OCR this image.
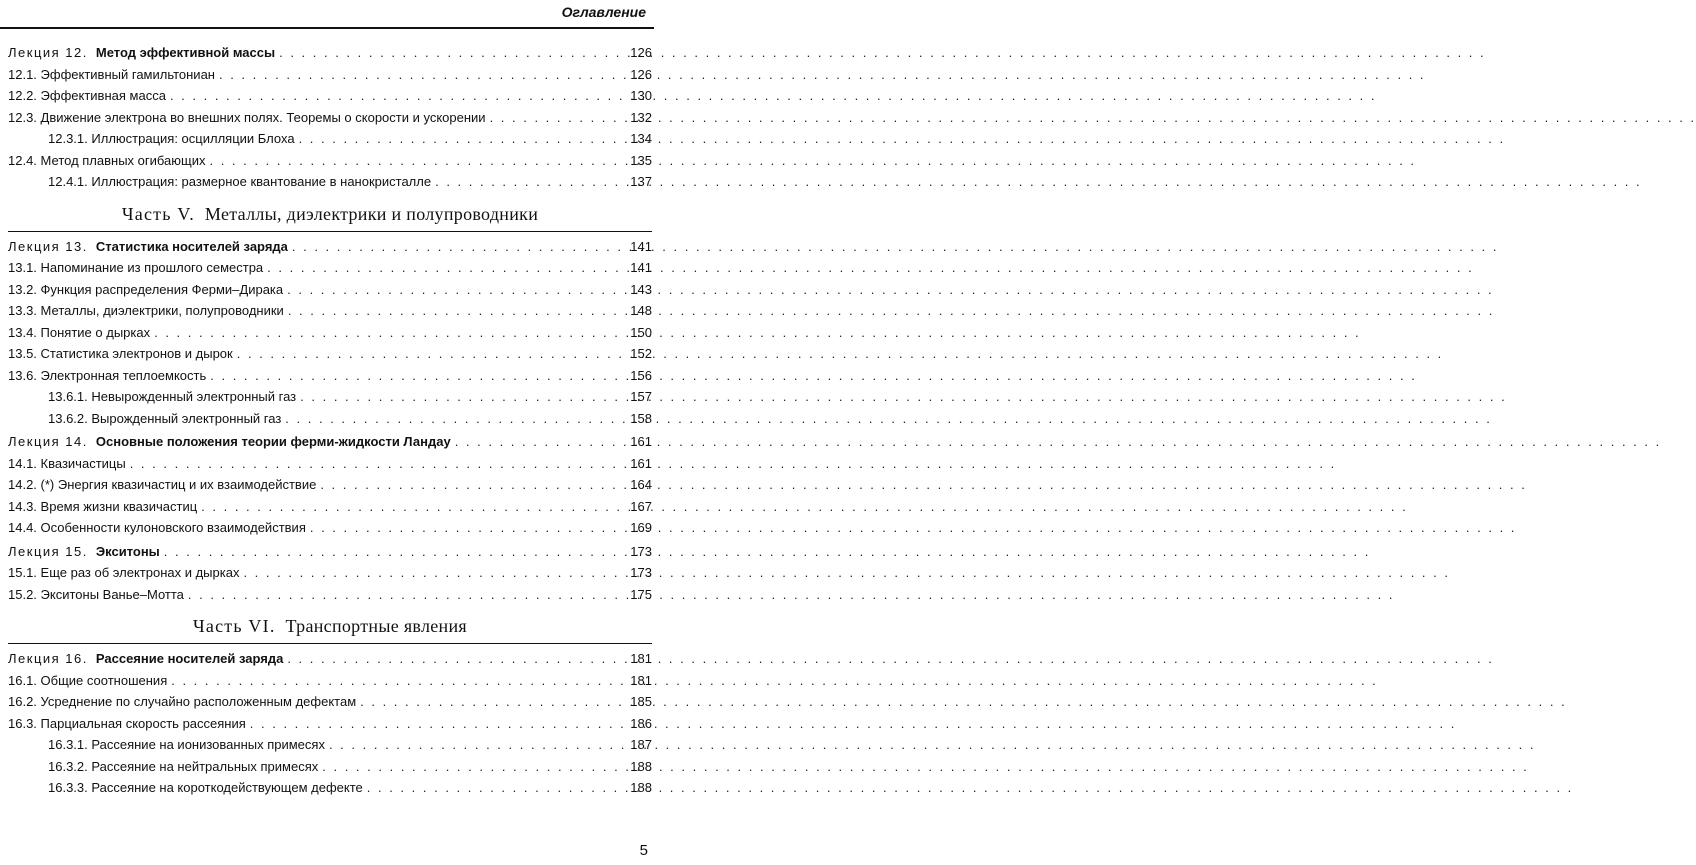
Оглавление
Лекция 12. Метод эффективной массы . . .	126
12.1. Эффективный гамильтониан . . .	126
12.2. Эффективная масса . . .	130
12.3. Движение электрона во внешних полях. Теоремы о скорости и ускорении . . .	132
12.3.1. Иллюстрация: осцилляции Блоха . . .	134
12.4. Метод плавных огибающих . . .	135
12.4.1. Иллюстрация: размерное квантование в нанокристалле . . .	137
Часть V. Металлы, диэлектрики и полупроводники
Лекция 13. Статистика носителей заряда . . .	141
13.1. Напоминание из прошлого семестра . . .	141
13.2. Функция распределения Ферми–Дирака . . .	143
13.3. Металлы, диэлектрики, полупроводники . . .	148
13.4. Понятие о дырках . . .	150
13.5. Статистика электронов и дырок . . .	152
13.6. Электронная теплоемкость . . .	156
13.6.1. Невырожденный электронный газ . . .	157
13.6.2. Вырожденный электронный газ . . .	158
Лекция 14. Основные положения теории ферми-жидкости Ландау . . .	161
14.1. Квазичастицы . . .	161
14.2. (*) Энергия квазичастиц и их взаимодействие . . .	164
14.3. Время жизни квазичастиц . . .	167
14.4. Особенности кулоновского взаимодействия . . .	169
Лекция 15. Экситоны . . .	173
15.1. Еще раз об электронах и дырках . . .	173
15.2. Экситоны Ванье–Мотта . . .	175
Часть VI. Транспортные явления
Лекция 16. Рассеяние носителей заряда . . .	181
16.1. Общие соотношения . . .	181
16.2. Усреднение по случайно расположенным дефектам . . .	185
16.3. Парциальная скорость рассеяния . . .	186
16.3.1. Рассеяние на ионизованных примесях . . .	187
16.3.2. Рассеяние на нейтральных примесях . . .	188
16.3.3. Рассеяние на короткодействующем дефекте . . .	188
5
